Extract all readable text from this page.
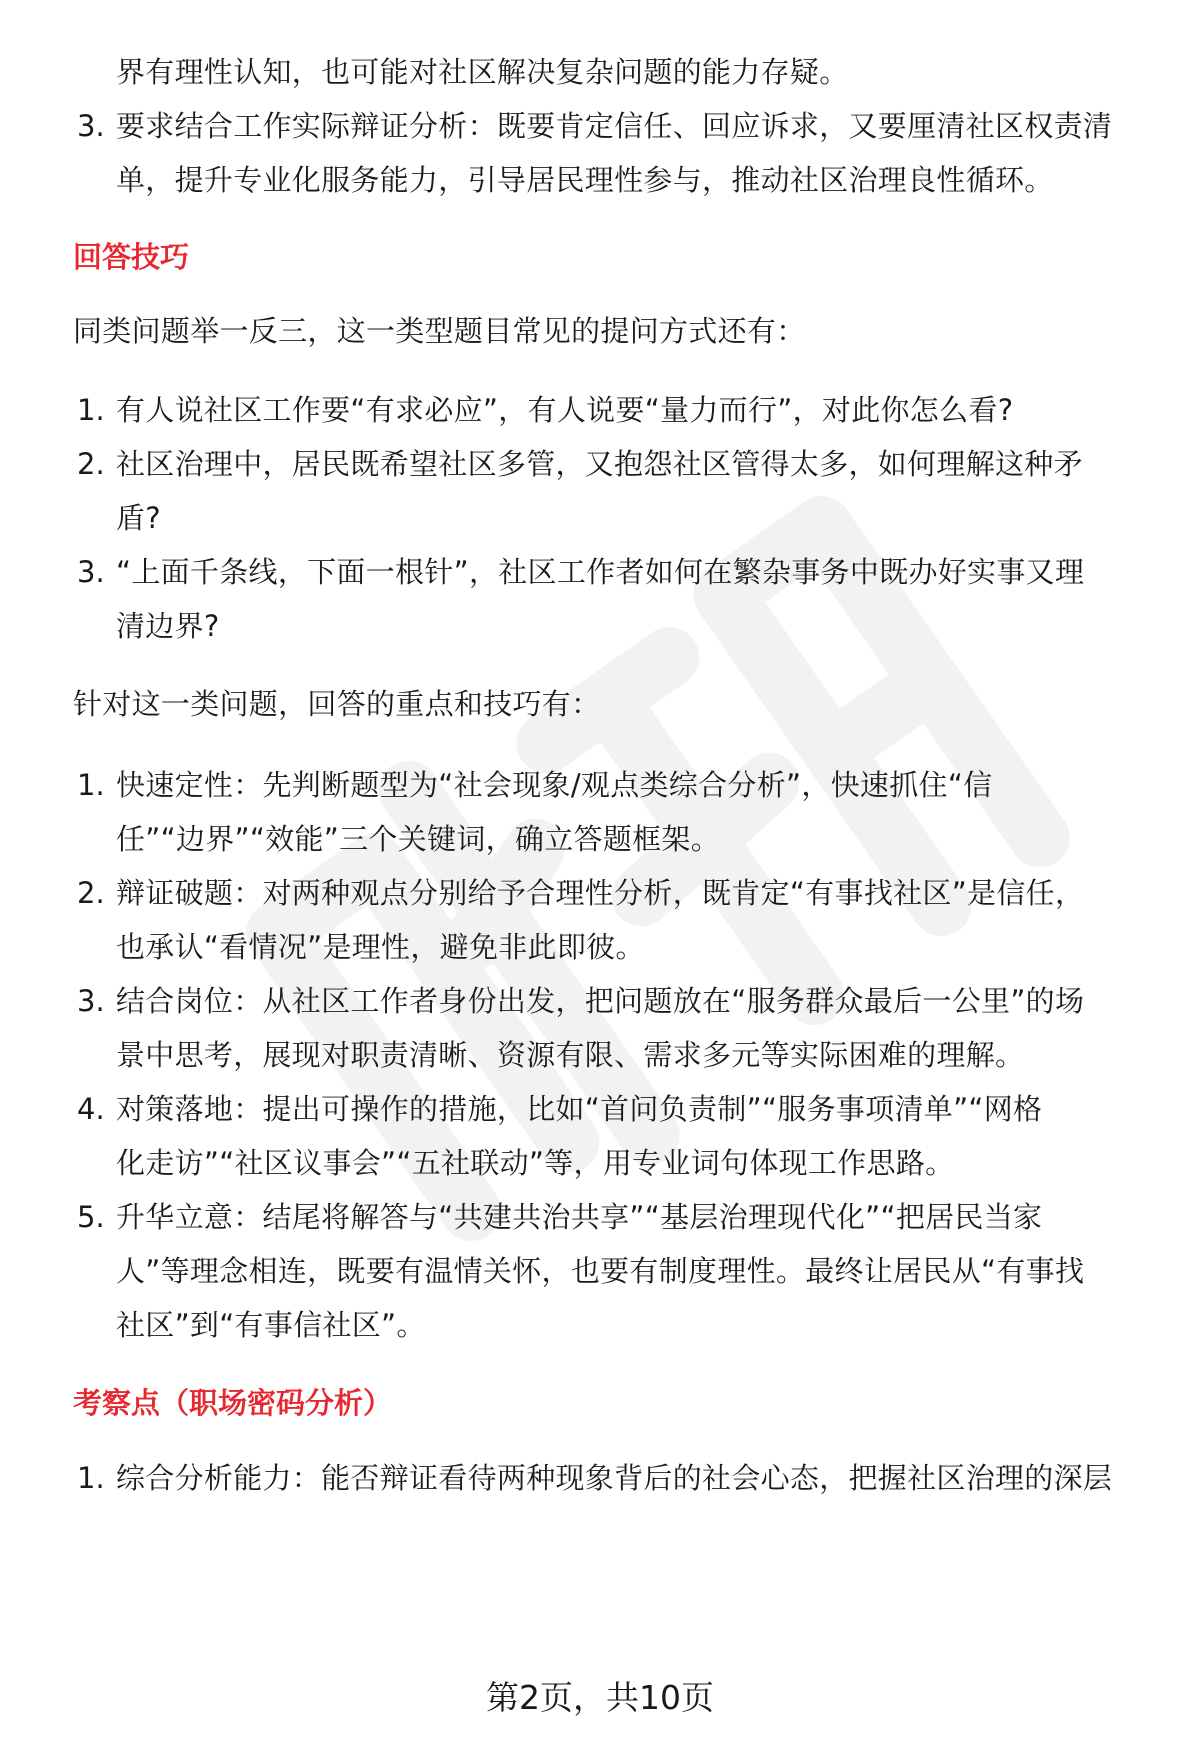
界有理性认知，也可能对社区解决复杂问题的能力存疑。
3. 要求结合工作实际辩证分析：既要肯定信任、回应诉求，又要厘清社区权责清
单，提升专业化服务能力，引导居民理性参与，推动社区治理良性循环。
回答技巧
同类问题举一反三，这一类型题目常见的提问方式还有：
1. 有人说社区工作要“有求必应”，有人说要“量力而行”，对此你怎么看?
2. 社区治理中，居民既希望社区多管，又抱怨社区管得太多，如何理解这种矛
盾?
3. “上面千条线，下面一根针”，社区工作者如何在繁杂事务中既办好实事又理
清边界?
针对这一类问题，回答的重点和技巧有：
1. 快速定性：先判断题型为“社会现象/观点类综合分析”，快速抓住“信
任”“边界”“效能”三个关键词，确立答题框架。
2. 辩证破题：对两种观点分别给予合理性分析，既肯定“有事找社区”是信任，
也承认“看情况”是理性，避免非此即彼。
3. 结合岗位：从社区工作者身份出发，把问题放在“服务群众最后一公里”的场
景中思考，展现对职责清晰、资源有限、需求多元等实际困难的理解。
4. 对策落地：提出可操作的措施，比如“首问负责制”“服务事项清单”“网格
化走访”“社区议事会”“五社联动”等，用专业词句体现工作思路。
5. 升华立意：结尾将解答与“共建共治共享”“基层治理现代化”“把居民当家
人”等理念相连，既要有温情关怀，也要有制度理性。最终让居民从“有事找
社区”到“有事信社区”。
考察点（职场密码分析）
1. 综合分析能力：能否辩证看待两种现象背后的社会心态，把握社区治理的深层
第2页，共10页
